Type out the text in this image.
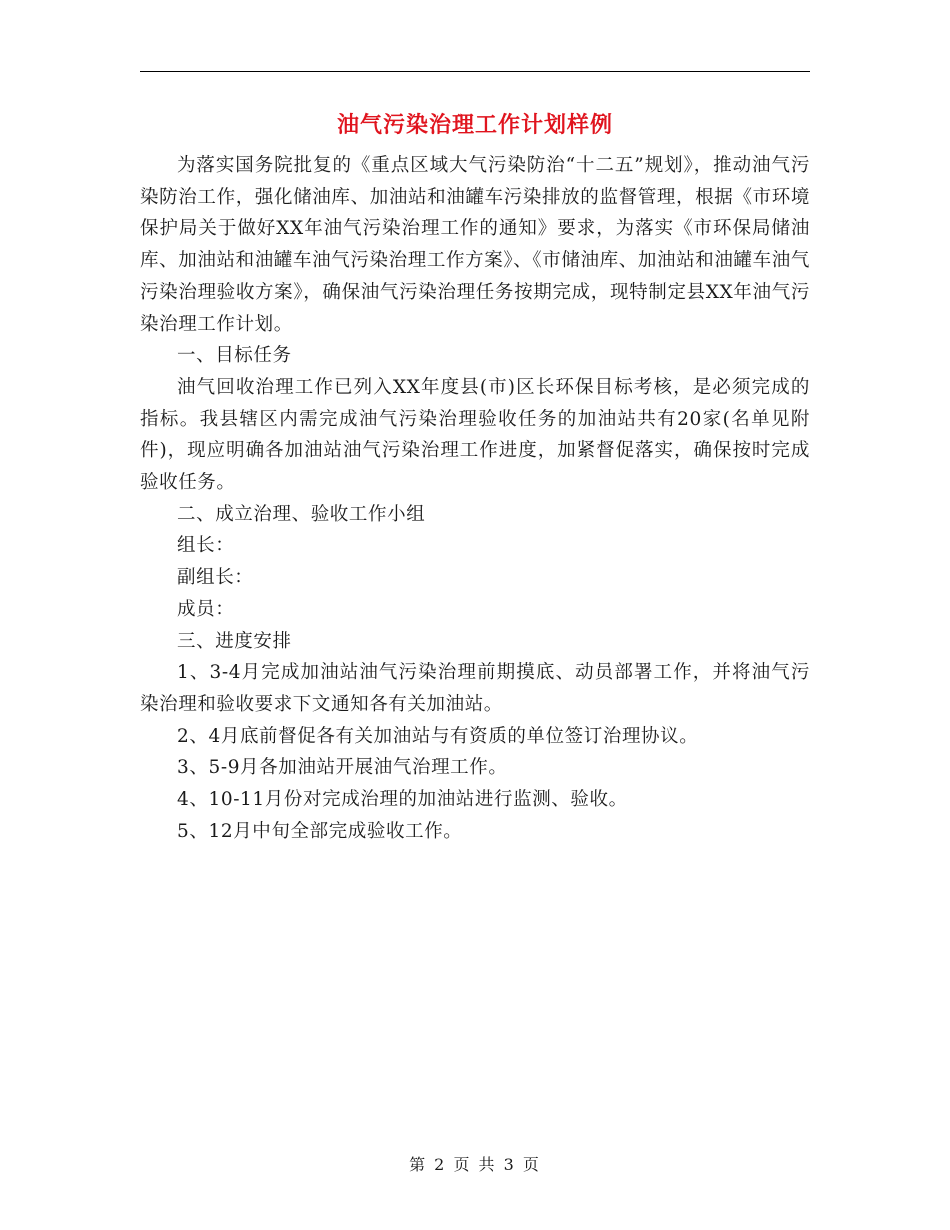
油气污染治理工作计划样例

为落实国务院批复的《重点区域大气污染防治“十二五”规划》，推动油气污染防治工作，强化储油库、加油站和油罐车污染排放的监督管理，根据《市环境保护局关于做好XX年油气污染治理工作的通知》要求，为落实《市环保局储油库、加油站和油罐车油气污染治理工作方案》、《市储油库、加油站和油罐车油气污染治理验收方案》，确保油气污染治理任务按期完成，现特制定县XX年油气污染治理工作计划。

一、目标任务

油气回收治理工作已列入XX年度县(市)区长环保目标考核，是必须完成的指标。我县辖区内需完成油气污染治理验收任务的加油站共有20家(名单见附件)，现应明确各加油站油气污染治理工作进度，加紧督促落实，确保按时完成验收任务。

二、成立治理、验收工作小组

组长：

副组长：

成员：

三、进度安排

1、3-4月完成加油站油气污染治理前期摸底、动员部署工作，并将油气污染治理和验收要求下文通知各有关加油站。

2、4月底前督促各有关加油站与有资质的单位签订治理协议。

3、5-9月各加油站开展油气治理工作。

4、10-11月份对完成治理的加油站进行监测、验收。

5、12月中旬全部完成验收工作。

第 2 页 共 3 页
